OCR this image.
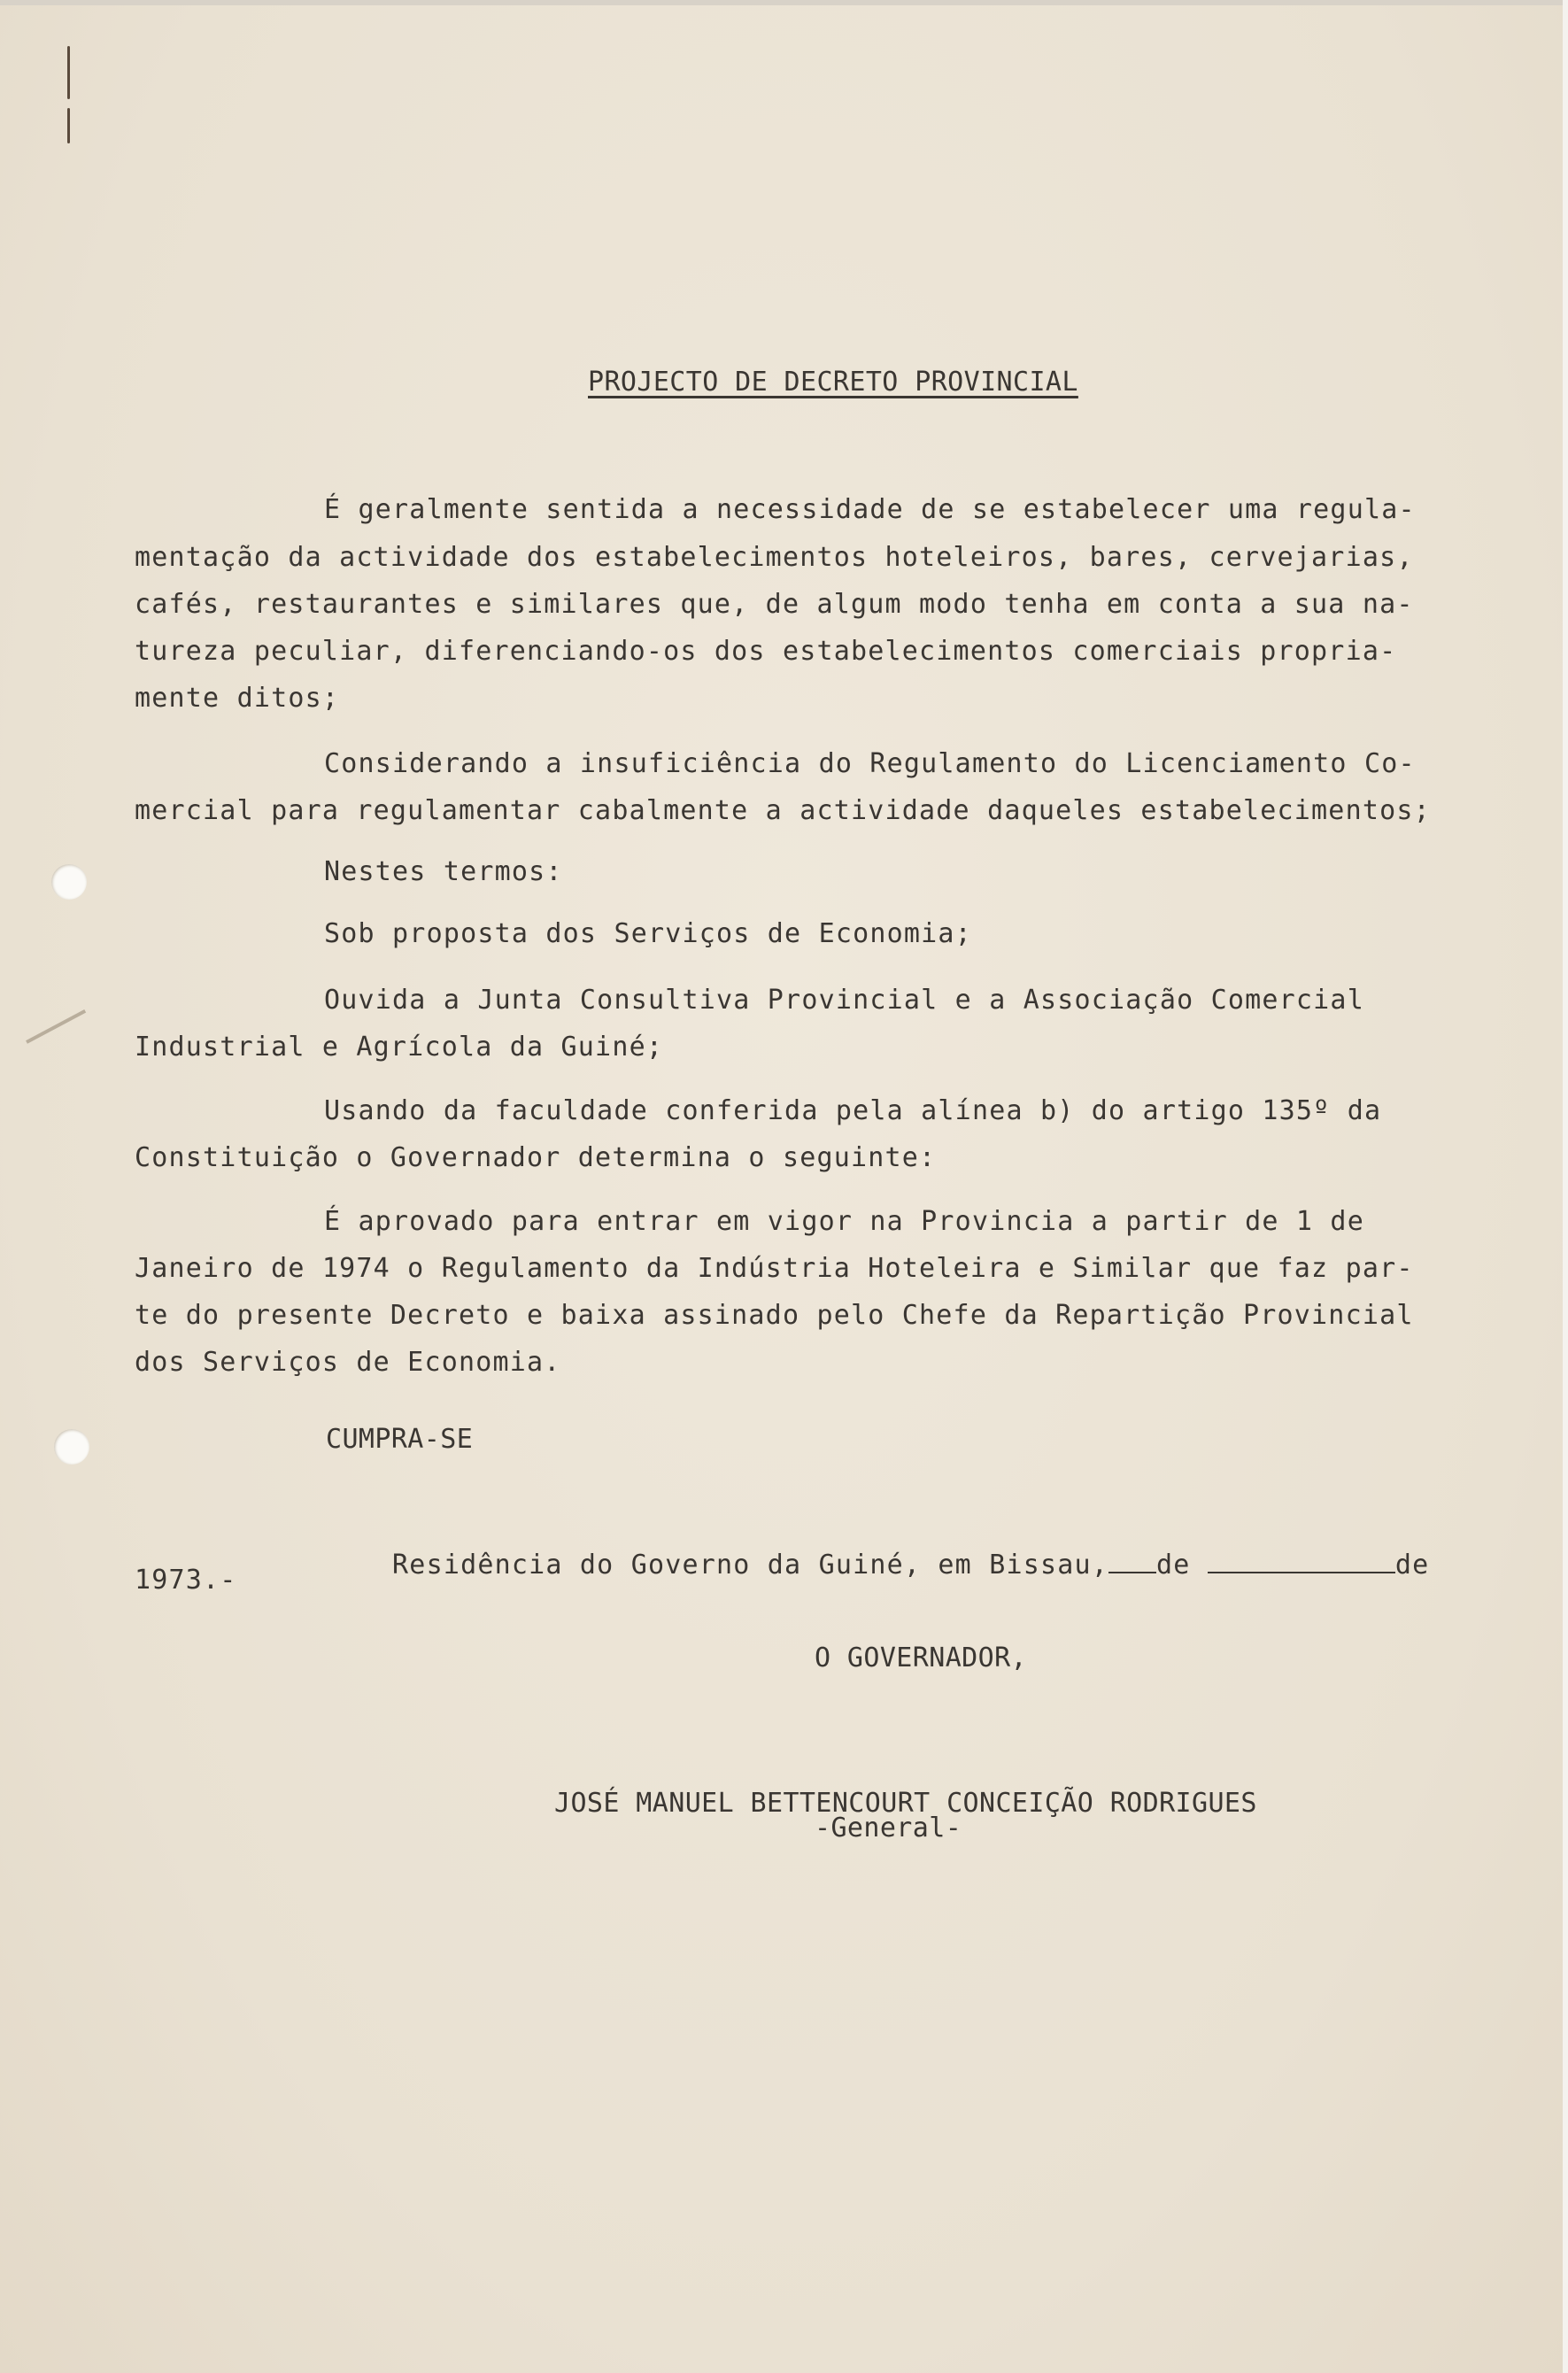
PROJECTO DE DECRETO PROVINCIAL
É geralmente sentida a necessidade de se estabelecer uma regula-
mentação da actividade dos estabelecimentos hoteleiros, bares, cervejarias,
cafés, restaurantes e similares que, de algum modo tenha em conta a sua na-
tureza peculiar, diferenciando-os dos estabelecimentos comerciais propria-
mente ditos;
Considerando a insuficiência do Regulamento do Licenciamento Co-
mercial para regulamentar cabalmente a actividade daqueles estabelecimentos;
Nestes termos:
Sob proposta dos Serviços de Economia;
Ouvida a Junta Consultiva Provincial e a Associação Comercial
Industrial e Agrícola da Guiné;
Usando da faculdade conferida pela alínea b) do artigo 135º da
Constituição o Governador determina o seguinte:
É aprovado para entrar em vigor na Provincia a partir de 1 de
Janeiro de 1974 o Regulamento da Indústria Hoteleira e Similar que faz par-
te do presente Decreto e baixa assinado pelo Chefe da Repartição Provincial
dos Serviços de Economia.
CUMPRA-SE

Residência do Governo da Guiné, em Bissau, de	de

1973.-
O GOVERNADOR,
JOSÉ MANUEL BETTENCOURT CONCEIÇÃO RODRIGUES
-General-
